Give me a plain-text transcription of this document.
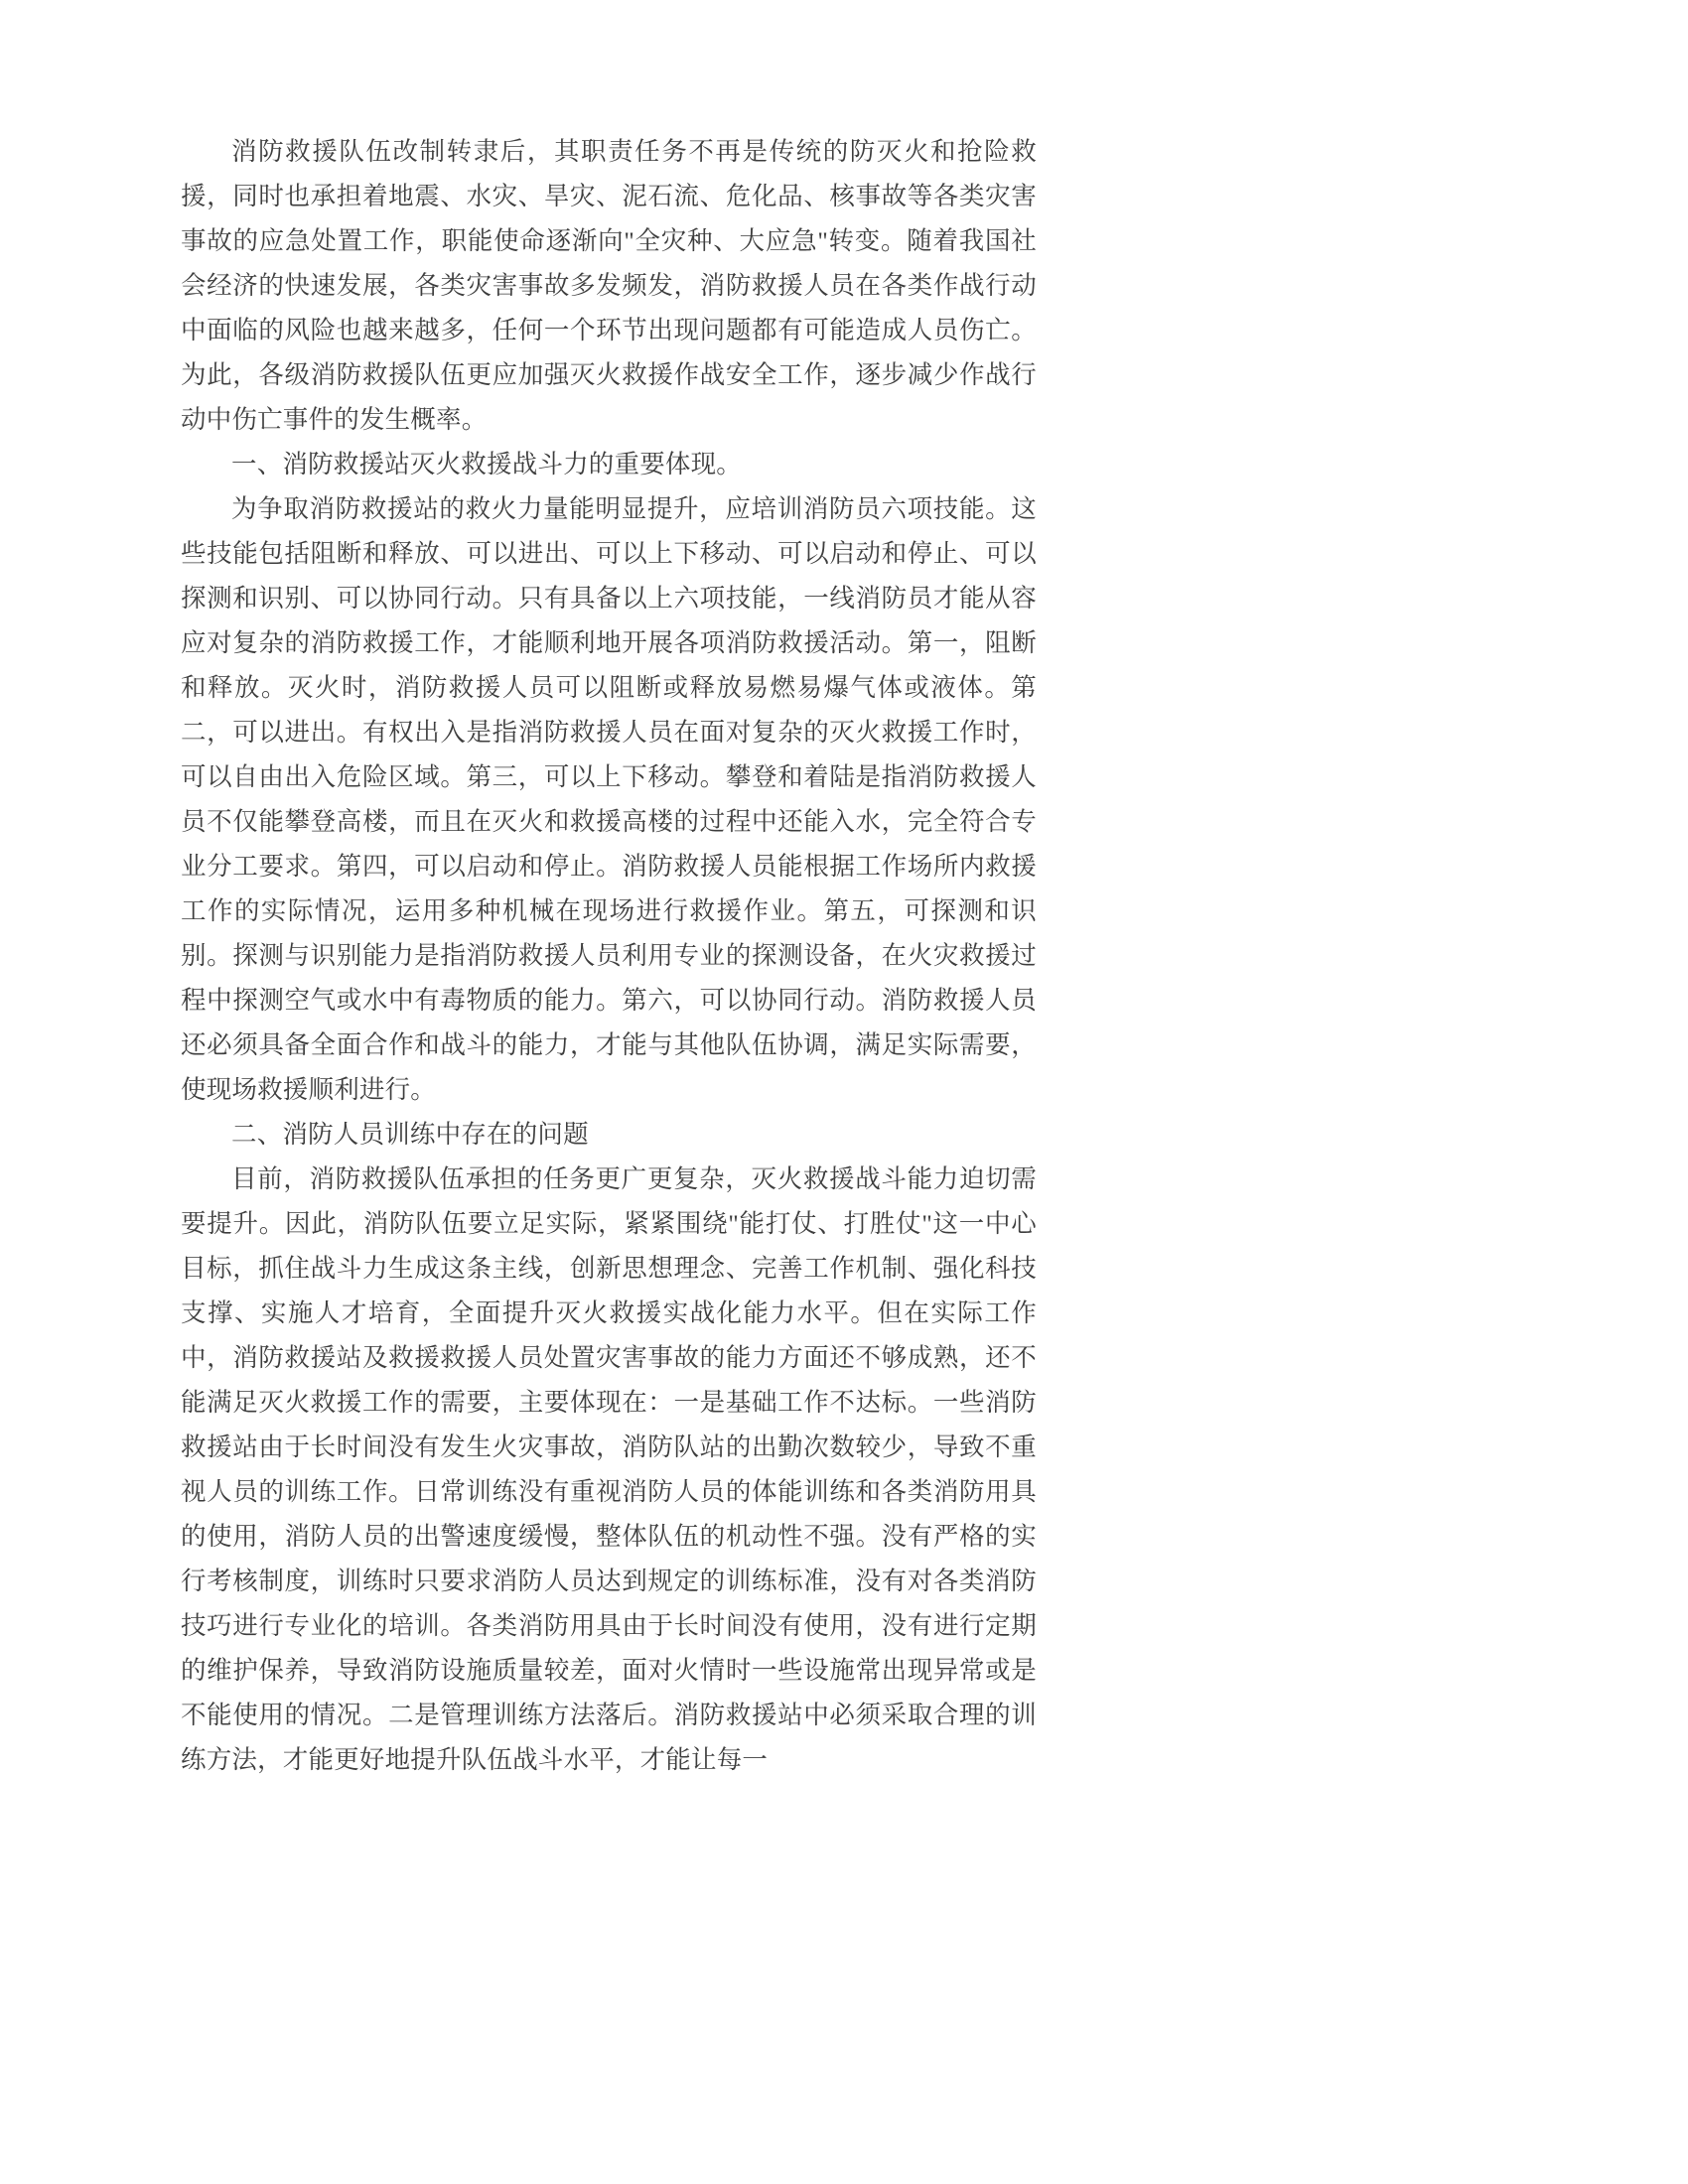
消防救援队伍改制转隶后，其职责任务不再是传统的防灭火和抢险救援，同时也承担着地震、水灾、旱灾、泥石流、危化品、核事故等各类灾害事故的应急处置工作，职能使命逐渐向"全灾种、大应急"转变。随着我国社会经济的快速发展，各类灾害事故多发频发，消防救援人员在各类作战行动中面临的风险也越来越多，任何一个环节出现问题都有可能造成人员伤亡。为此，各级消防救援队伍更应加强灭火救援作战安全工作，逐步减少作战行动中伤亡事件的发生概率。

一、消防救援站灭火救援战斗力的重要体现。

为争取消防救援站的救火力量能明显提升，应培训消防员六项技能。这些技能包括阻断和释放、可以进出、可以上下移动、可以启动和停止、可以探测和识别、可以协同行动。只有具备以上六项技能，一线消防员才能从容应对复杂的消防救援工作，才能顺利地开展各项消防救援活动。第一，阻断和释放。灭火时，消防救援人员可以阻断或释放易燃易爆气体或液体。第二，可以进出。有权出入是指消防救援人员在面对复杂的灭火救援工作时，可以自由出入危险区域。第三，可以上下移动。攀登和着陆是指消防救援人员不仅能攀登高楼，而且在灭火和救援高楼的过程中还能入水，完全符合专业分工要求。第四，可以启动和停止。消防救援人员能根据工作场所内救援工作的实际情况，运用多种机械在现场进行救援作业。第五，可探测和识别。探测与识别能力是指消防救援人员利用专业的探测设备，在火灾救援过程中探测空气或水中有毒物质的能力。第六，可以协同行动。消防救援人员还必须具备全面合作和战斗的能力，才能与其他队伍协调，满足实际需要，使现场救援顺利进行。

二、消防人员训练中存在的问题

目前，消防救援队伍承担的任务更广更复杂，灭火救援战斗能力迫切需要提升。因此，消防队伍要立足实际，紧紧围绕"能打仗、打胜仗"这一中心目标，抓住战斗力生成这条主线，创新思想理念、完善工作机制、强化科技支撑、实施人才培育，全面提升灭火救援实战化能力水平。但在实际工作中，消防救援站及救援救援人员处置灾害事故的能力方面还不够成熟，还不能满足灭火救援工作的需要，主要体现在：一是基础工作不达标。一些消防救援站由于长时间没有发生火灾事故，消防队站的出勤次数较少，导致不重视人员的训练工作。日常训练没有重视消防人员的体能训练和各类消防用具的使用，消防人员的出警速度缓慢，整体队伍的机动性不强。没有严格的实行考核制度，训练时只要求消防人员达到规定的训练标准，没有对各类消防技巧进行专业化的培训。各类消防用具由于长时间没有使用，没有进行定期的维护保养，导致消防设施质量较差，面对火情时一些设施常出现异常或是不能使用的情况。二是管理训练方法落后。消防救援站中必须采取合理的训练方法，才能更好地提升队伍战斗水平，才能让每一
